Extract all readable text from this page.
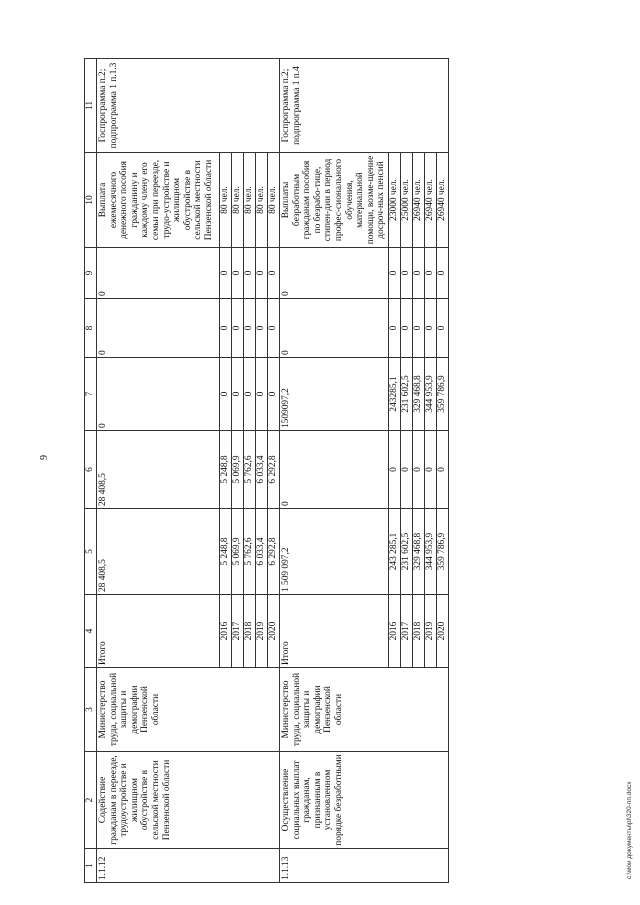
9
1	2	3	4	5	6	7	8	9	10	11
1.1.12	Содействие гражданам в переезде, трудоустройстве и жилищном обустройстве в сельской местности Пензенской области	Министерство труда, социальной защиты и демографии Пензенской области	Итого	28 408,5	28 408,5	0	0	0	Выплата ежемесячного денежного пособия гражданину и каждому члену его семьи при переезде, трудо-устройстве и жилищном обустройстве в сельской местности Пензенской области	Госпрограмма п.2; подпрограмма 1 п.1.3
			2016	5 248,8	5 248,8	0	0	0	80 чел.	
			2017	5 069,9	5 069,9	0	0	0	80 чел.	
			2018	5 762,6	5 762,6	0	0	0	80 чел.	
			2019	6 033,4	6 033,4	0	0	0	80 чел.	
			2020	6 292,8	6 292,8	0	0	0	80 чел.	
1.1.13	Осуществление социальных выплат гражданам, признанным в установленном порядке безработными	Министерство труда, социальной защиты и демографии Пензенской области	Итого	1 509 097,2	0	1509097,2	0	0	Выплаты безработным гражданам пособия по безрабо-тице, стипен-дии в период профес-сионального обучения, материальной помощи, возме-щение досроч-ных пенсий	Госпрограмма п.2; подпрограмма 1 п.4
			2016	243 285,1	0	243285,1	0	0	23000 чел.	
			2017	231 602,5	0	231 602,5	0	0	25000 чел.	
			2018	329 468,8	0	329 468,8	0	0	26940 чел.	
			2019	344 953,9	0	344 953,9	0	0	26940 чел.	
			2020	359 786,9	0	359 786,9	0	0	26940 чел.	
c:\мои документы\pl\320-пп.docx
